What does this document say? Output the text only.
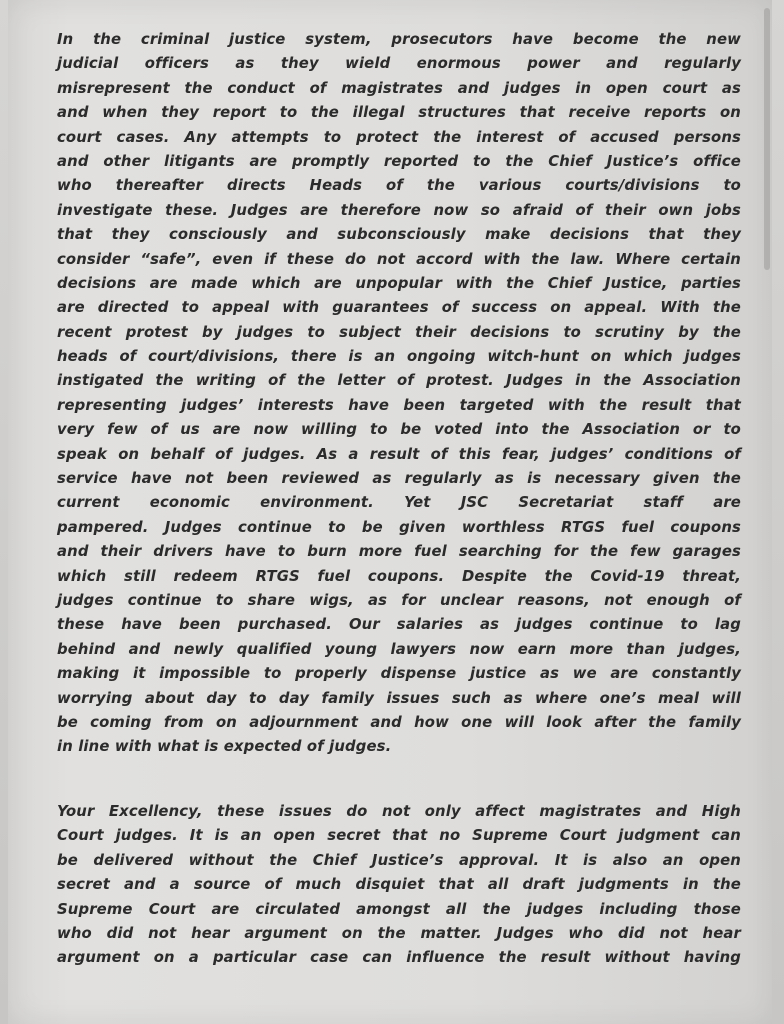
In the criminal justice system, prosecutors have become the new
judicial officers as they wield enormous power and regularly
misrepresent the conduct of magistrates and judges in open court as
and when they report to the illegal structures that receive reports on
court cases. Any attempts to protect the interest of accused persons
and other litigants are promptly reported to the Chief Justice’s office
who thereafter directs Heads of the various courts/divisions to
investigate these. Judges are therefore now so afraid of their own jobs
that they consciously and subconsciously make decisions that they
consider “safe”, even if these do not accord with the law. Where certain
decisions are made which are unpopular with the Chief Justice, parties
are directed to appeal with guarantees of success on appeal. With the
recent protest by judges to subject their decisions to scrutiny by the
heads of court/divisions, there is an ongoing witch-hunt on which judges
instigated the writing of the letter of protest. Judges in the Association
representing judges’ interests have been targeted with the result that
very few of us are now willing to be voted into the Association or to
speak on behalf of judges. As a result of this fear, judges’ conditions of
service have not been reviewed as regularly as is necessary given the
current economic environment. Yet JSC Secretariat staff are
pampered. Judges continue to be given worthless RTGS fuel coupons
and their drivers have to burn more fuel searching for the few garages
which still redeem RTGS fuel coupons. Despite the Covid-19 threat,
judges continue to share wigs, as for unclear reasons, not enough of
these have been purchased. Our salaries as judges continue to lag
behind and newly qualified young lawyers now earn more than judges,
making it impossible to properly dispense justice as we are constantly
worrying about day to day family issues such as where one’s meal will
be coming from on adjournment and how one will look after the family
in line with what is expected of judges.
Your Excellency, these issues do not only affect magistrates and High
Court judges. It is an open secret that no Supreme Court judgment can
be delivered without the Chief Justice’s approval. It is also an open
secret and a source of much disquiet that all draft judgments in the
Supreme Court are circulated amongst all the judges including those
who did not hear argument on the matter. Judges who did not hear
argument on a particular case can influence the result without having
